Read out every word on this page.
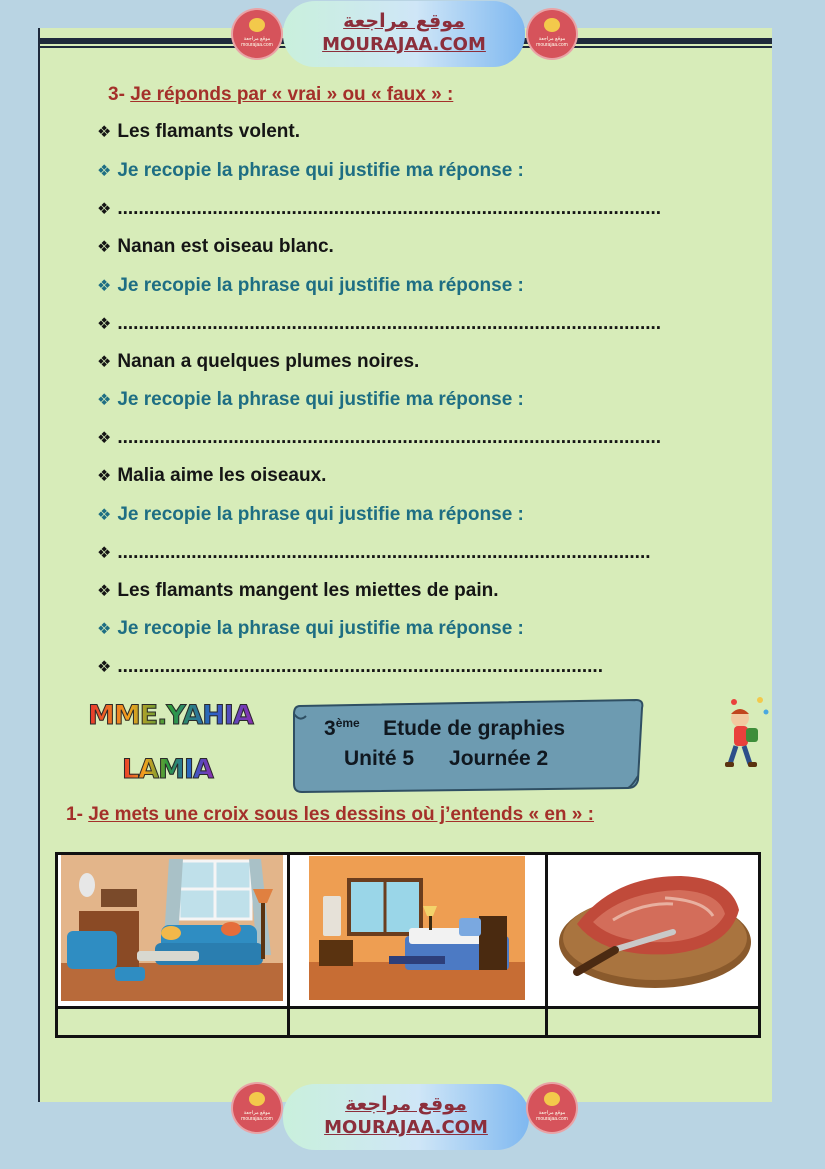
موقع مراجعة mourajaa.com
موقع مراجعة
MOURAJAA.COM	موقع مراجعة mourajaa.com
3- Je réponds par « vrai » ou « faux » :
❖ Les flamants volent.
❖ Je recopie la phrase qui justifie ma réponse :
❖ .......................................................................................................
❖ Nanan est oiseau blanc.
❖ Je recopie la phrase qui justifie ma réponse :
❖ .......................................................................................................
❖ Nanan a quelques plumes noires.
❖ Je recopie la phrase qui justifie ma réponse :
❖ .......................................................................................................
❖ Malia aime les oiseaux.
❖ Je recopie la phrase qui justifie ma réponse :
❖ .....................................................................................................
❖ Les flamants mangent les miettes de pain.
❖ Je recopie la phrase qui justifie ma réponse :
❖ ............................................................................................
MME.YAHIA
LAMIA
3ème Etude de graphies
Unité 5 Journée 2
1- Je mets une croix sous les dessins où j’entends « en » :

موقع مراجعة mourajaa.com
موقع مراجعة
MOURAJAA.COM
موقع مراجعة mourajaa.com
